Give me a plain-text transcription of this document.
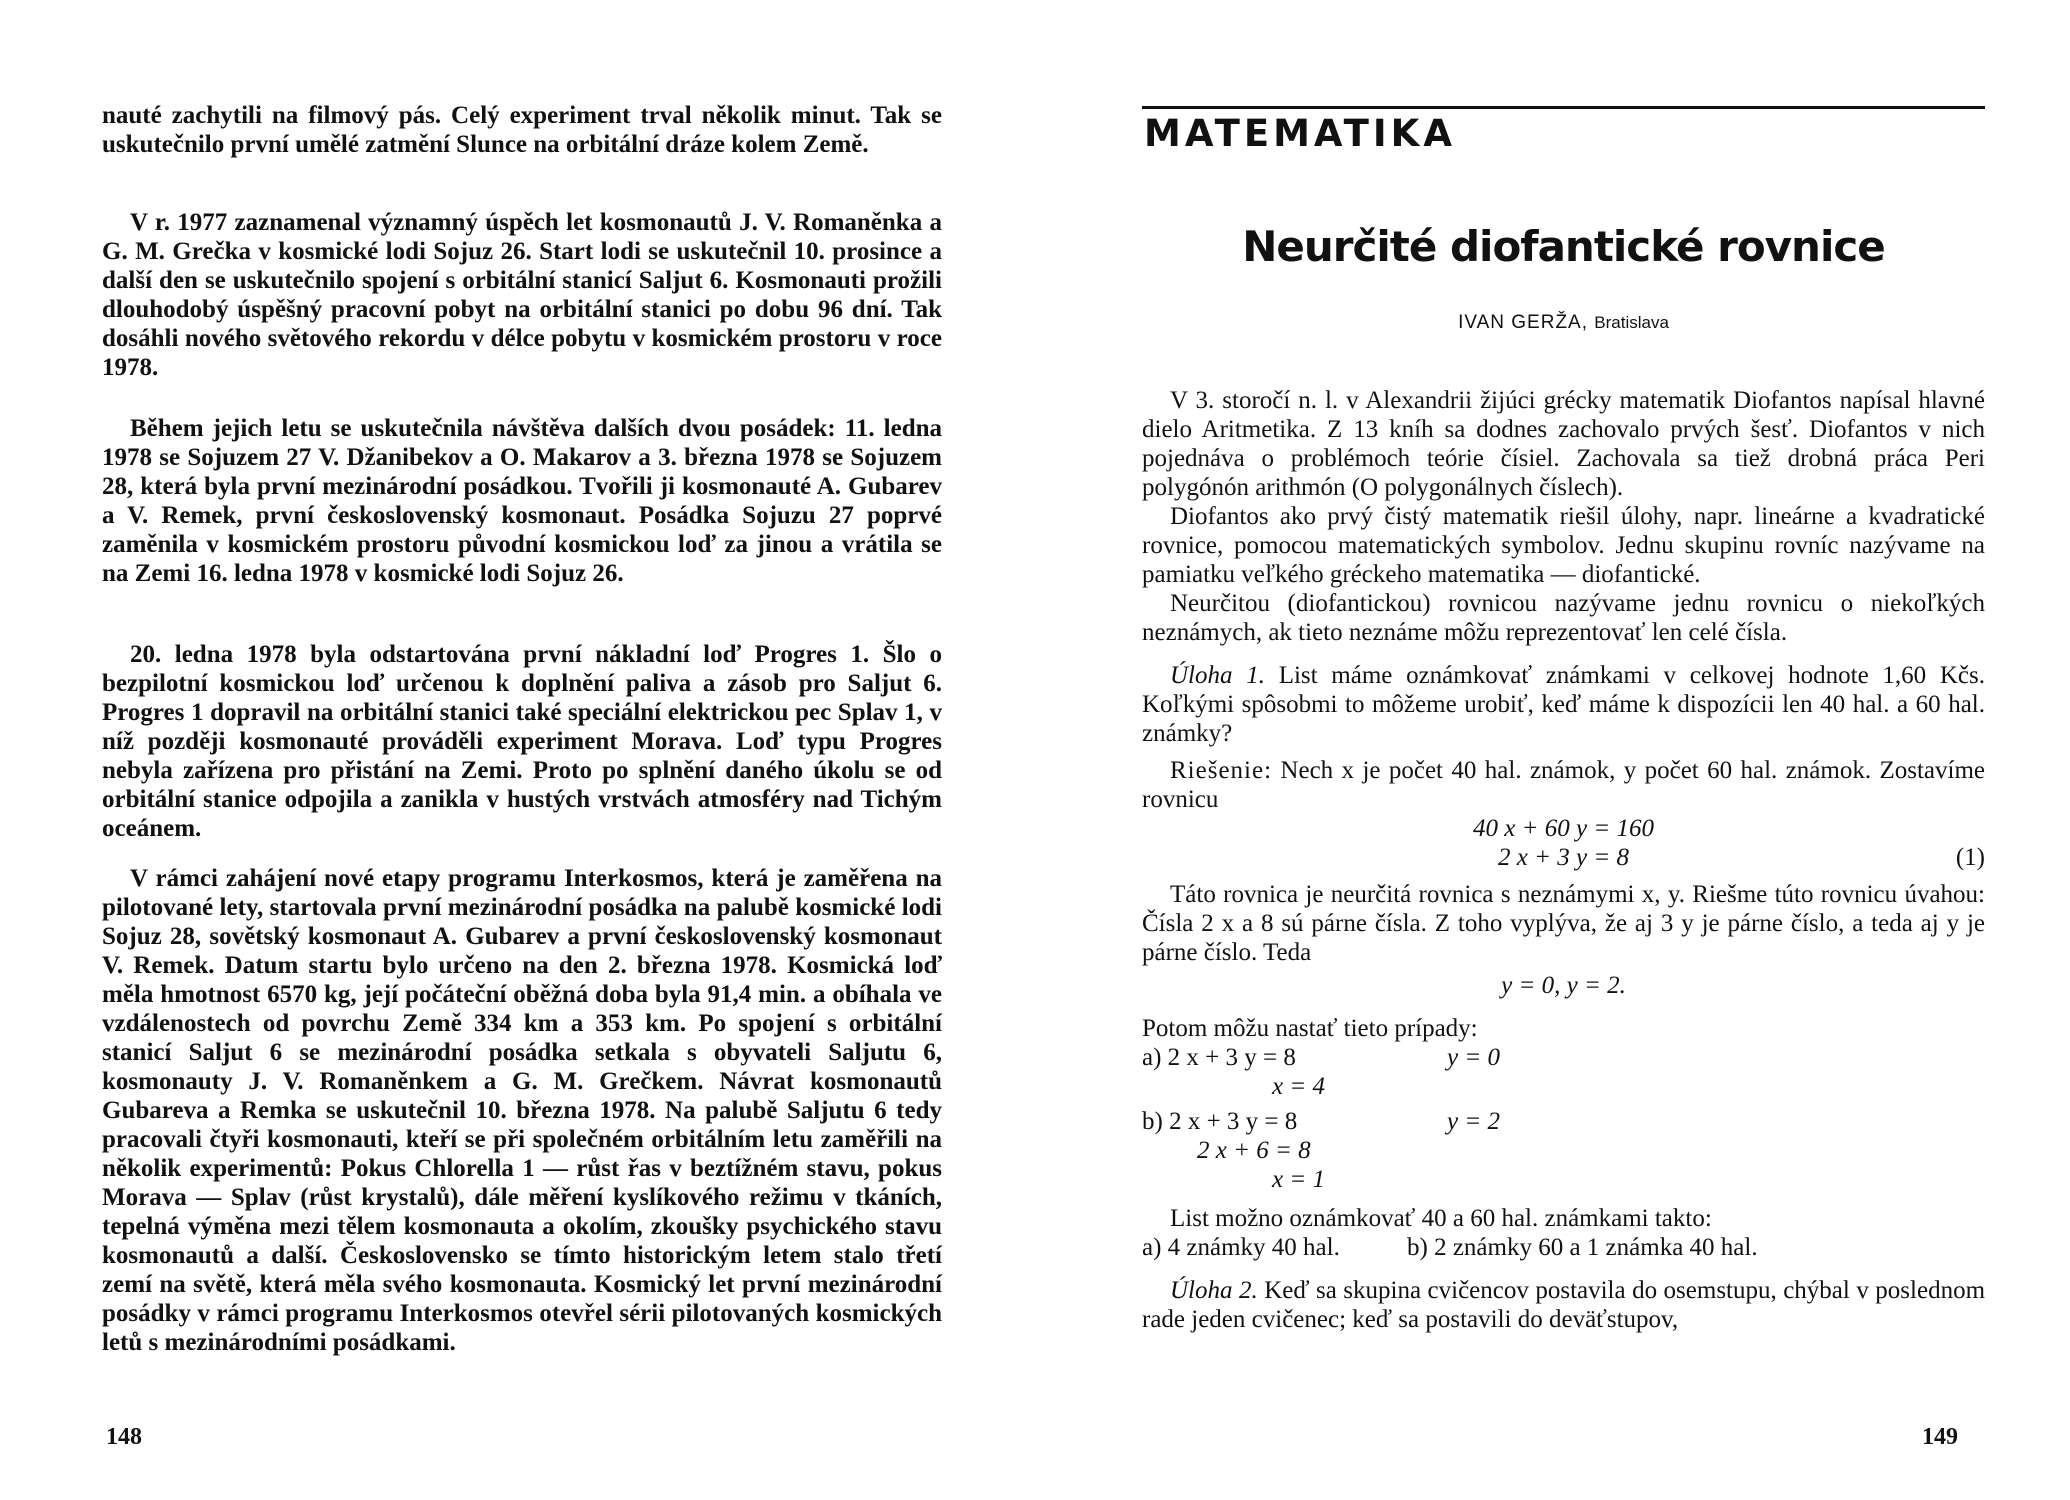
nauté zachytili na filmový pás. Celý experiment trval několik minut. Tak se uskutečnilo první umělé zatmění Slunce na orbitální dráze kolem Země.

V r. 1977 zaznamenal významný úspěch let kosmonautů J. V. Romaněnka a G. M. Grečka v kosmické lodi Sojuz 26. Start lodi se uskutečnil 10. prosince a další den se uskutečnilo spojení s orbitální stanicí Saljut 6. Kosmonauti prožili dlouhodobý úspěšný pracovní pobyt na orbitální stanici po dobu 96 dní. Tak dosáhli nového světového rekordu v délce pobytu v kosmickém prostoru v roce 1978.

Během jejich letu se uskutečnila návštěva dalších dvou posádek: 11. ledna 1978 se Sojuzem 27 V. Džanibekov a O. Makarov a 3. března 1978 se Sojuzem 28, která byla první mezinárodní posádkou. Tvořili ji kosmonauté A. Gubarev a V. Remek, první československý kosmonaut. Posádka Sojuzu 27 poprvé zaměnila v kosmickém prostoru původní kosmickou loď za jinou a vrátila se na Zemi 16. ledna 1978 v kosmické lodi Sojuz 26.

20. ledna 1978 byla odstartována první nákladní loď Progres 1. Šlo o bezpilotní kosmickou loď určenou k doplnění paliva a zásob pro Saljut 6. Progres 1 dopravil na orbitální stanici také speciální elektrickou pec Splav 1, v níž později kosmonauté prováděli experiment Morava. Loď typu Progres nebyla zařízena pro přistání na Zemi. Proto po splnění daného úkolu se od orbitální stanice odpojila a zanikla v hustých vrstvách atmosféry nad Tichým oceánem.

V rámci zahájení nové etapy programu Interkosmos, která je zaměřena na pilotované lety, startovala první mezinárodní posádka na palubě kosmické lodi Sojuz 28, sovětský kosmonaut A. Gubarev a první československý kosmonaut V. Remek. Datum startu bylo určeno na den 2. března 1978. Kosmická loď měla hmotnost 6570 kg, její počáteční oběžná doba byla 91,4 min. a obíhala ve vzdálenostech od povrchu Země 334 km a 353 km. Po spojení s orbitální stanicí Saljut 6 se mezinárodní posádka setkala s obyvateli Saljutu 6, kosmonauty J. V. Romaněnkem a G. M. Grečkem. Návrat kosmonautů Gubareva a Remka se uskutečnil 10. března 1978. Na palubě Saljutu 6 tedy pracovali čtyři kosmonauti, kteří se při společném orbitálním letu zaměřili na několik experimentů: Pokus Chlorella 1 — růst řas v beztížném stavu, pokus Morava — Splav (růst krystalů), dále měření kyslíkového režimu v tkáních, tepelná výměna mezi tělem kosmonauta a okolím, zkoušky psychického stavu kosmonautů a další. Československo se tímto historickým letem stalo třetí zemí na světě, která měla svého kosmonauta. Kosmický let první mezinárodní posádky v rámci programu Interkosmos otevřel sérii pilotovaných kosmických letů s mezinárodními posádkami.

148
MATEMATIKA
Neurčité diofantické rovnice
IVAN GERŽA, Bratislava

V 3. storočí n. l. v Alexandrii žijúci grécky matematik Diofantos napísal hlavné dielo Aritmetika. Z 13 kníh sa dodnes zachovalo prvých šesť. Diofantos v nich pojednáva o problémoch teórie čísiel. Zachovala sa tiež drobná práca Peri polygónón arithmón (O polygonálnych číslech).

Diofantos ako prvý čistý matematik riešil úlohy, napr. lineárne a kvadratické rovnice, pomocou matematických symbolov. Jednu skupinu rovníc nazývame na pamiatku veľkého gréckeho matematika — diofantické.

Neurčitou (diofantickou) rovnicou nazývame jednu rovnicu o niekoľkých neznámych, ak tieto neznáme môžu reprezentovať len celé čísla.

Úloha 1. List máme oznámkovať známkami v celkovej hodnote 1,60 Kčs. Koľkými spôsobmi to môžeme urobiť, keď máme k dispozícii len 40 hal. a 60 hal. známky?

Riešenie: Nech x je počet 40 hal. známok, y počet 60 hal. známok. Zostavíme rovnicu

40 x + 60 y = 160
2 x + 3 y = 8	(1)

Táto rovnica je neurčitá rovnica s neznámymi x, y. Riešme túto rovnicu úvahou: Čísla 2 x a 8 sú párne čísla. Z toho vyplýva, že aj 3 y je párne číslo, a teda aj y je párne číslo. Teda

y = 0, y = 2.

Potom môžu nastať tieto prípady:

a) 2 x + 3 y = 8	y = 0
x = 4
b) 2 x + 3 y = 8	y = 2
2 x + 6 = 8
x = 1

List možno oznámkovať 40 a 60 hal. známkami takto:

a) 4 známky 40 hal.	b) 2 známky 60 a 1 známka 40 hal.

Úloha 2. Keď sa skupina cvičencov postavila do osemstupu, chýbal v poslednom rade jeden cvičenec; keď sa postavili do deväťstupov,

149
